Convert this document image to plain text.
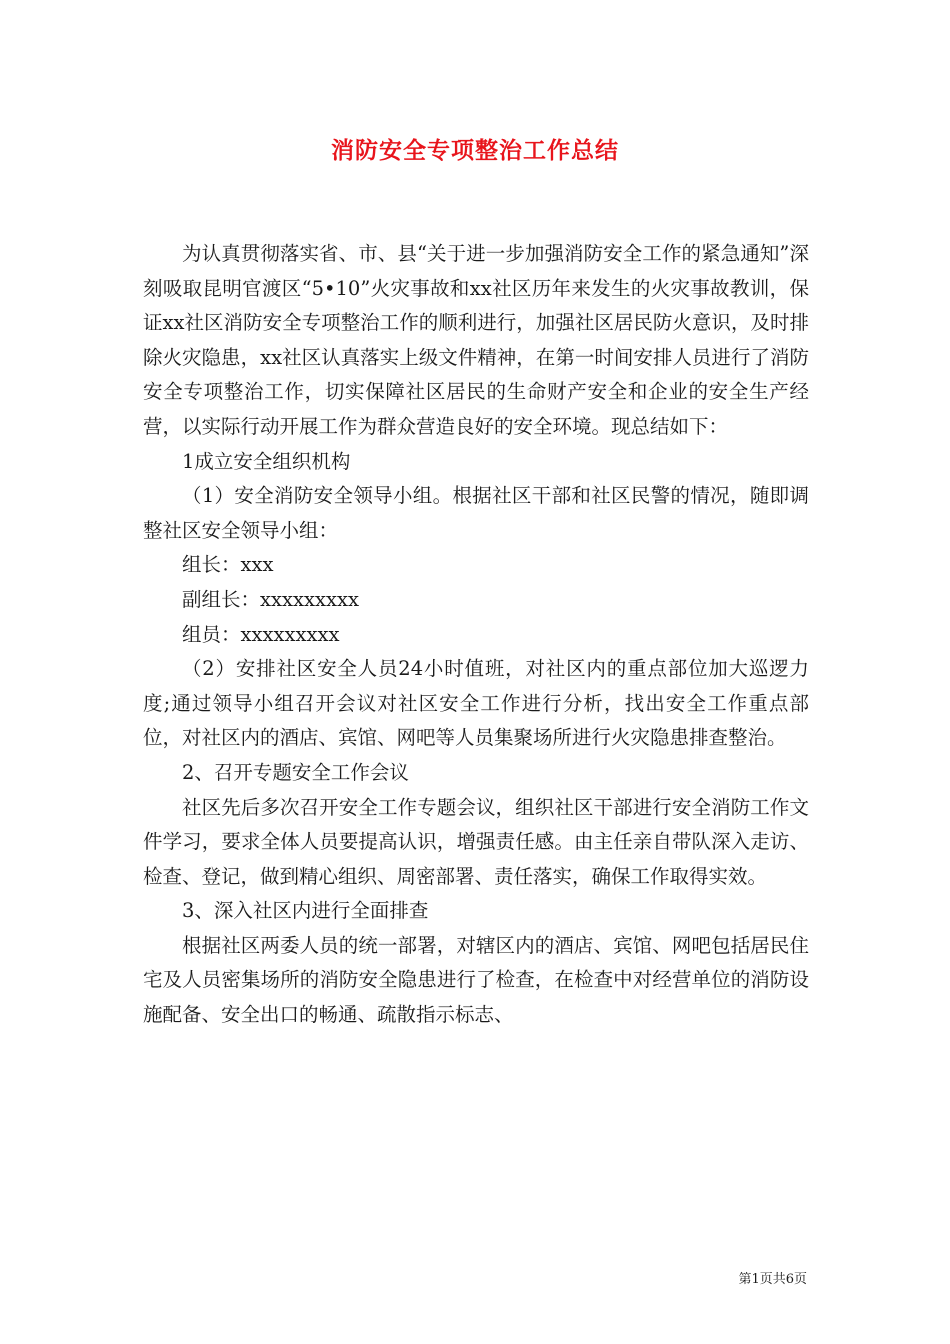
消防安全专项整治工作总结

为认真贯彻落实省、市、县“关于进一步加强消防安全工作的紧急通知”深刻吸取昆明官渡区“5•10”火灾事故和xx社区历年来发生的火灾事故教训，保证xx社区消防安全专项整治工作的顺利进行，加强社区居民防火意识，及时排除火灾隐患，xx社区认真落实上级文件精神，在第一时间安排人员进行了消防安全专项整治工作，切实保障社区居民的生命财产安全和企业的安全生产经营，以实际行动开展工作为群众营造良好的安全环境。现总结如下：

1成立安全组织机构

（1）安全消防安全领导小组。根据社区干部和社区民警的情况，随即调整社区安全领导小组：

组长：xxx

副组长：xxxxxxxxx

组员：xxxxxxxxx

（2）安排社区安全人员24小时值班，对社区内的重点部位加大巡逻力度;通过领导小组召开会议对社区安全工作进行分析，找出安全工作重点部位，对社区内的酒店、宾馆、网吧等人员集聚场所进行火灾隐患排查整治。

2、召开专题安全工作会议

社区先后多次召开安全工作专题会议，组织社区干部进行安全消防工作文件学习，要求全体人员要提高认识，增强责任感。由主任亲自带队深入走访、检查、登记，做到精心组织、周密部署、责任落实，确保工作取得实效。

3、深入社区内进行全面排查

根据社区两委人员的统一部署，对辖区内的酒店、宾馆、网吧包括居民住宅及人员密集场所的消防安全隐患进行了检查，在检查中对经营单位的消防设施配备、安全出口的畅通、疏散指示标志、

第1页共6页
